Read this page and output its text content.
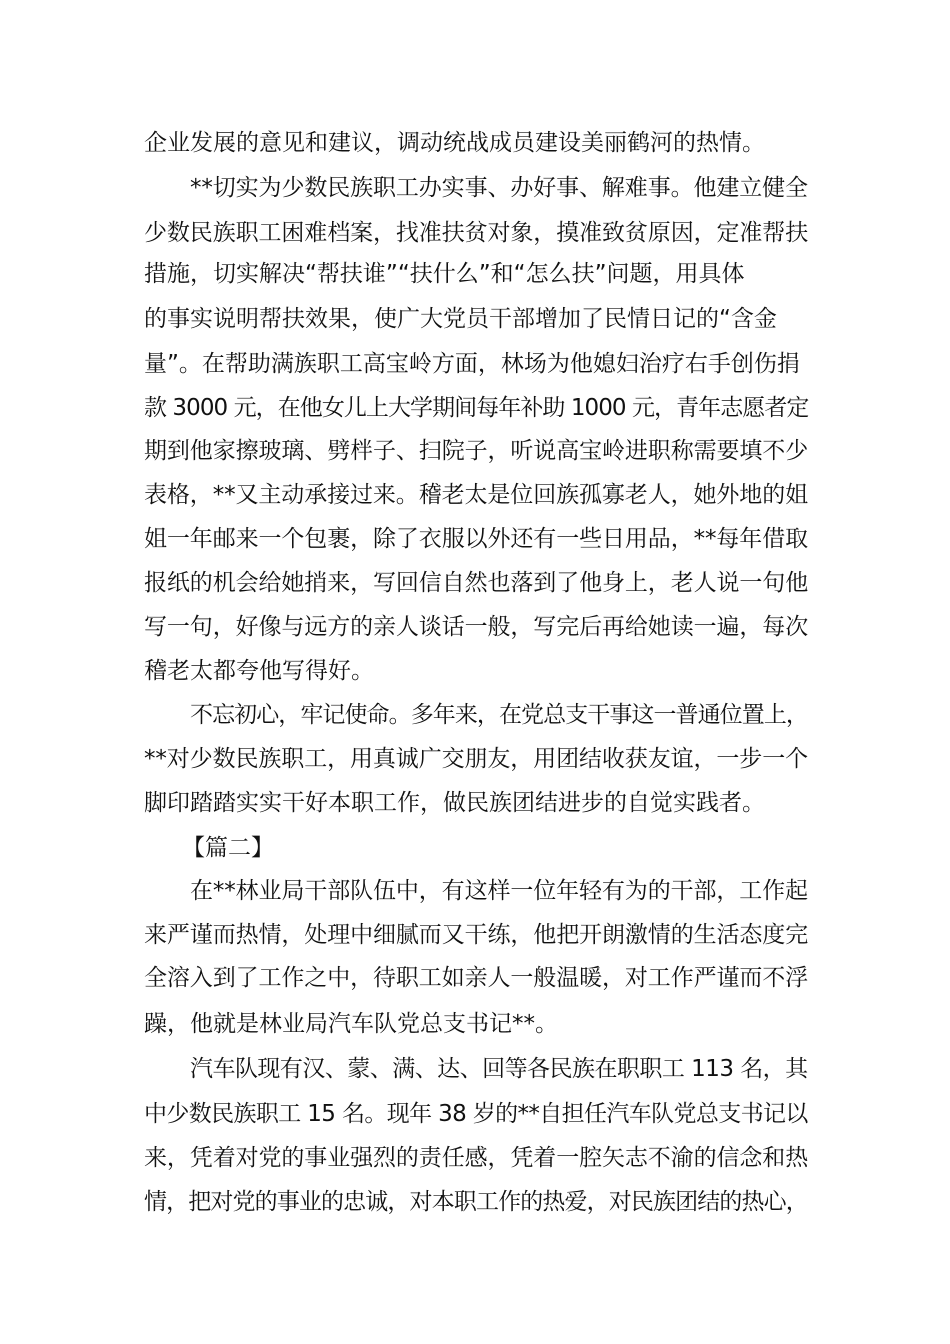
企业发展的意见和建议，调动统战成员建设美丽鹤河的热情。
**切实为少数民族职工办实事、办好事、解难事。他建立健全
少数民族职工困难档案，找准扶贫对象，摸准致贫原因，定准帮扶
措施，切实解决“帮扶谁”“扶什么”和“怎么扶”问题，用具体
的事实说明帮扶效果，使广大党员干部增加了民情日记的“含金
量”。在帮助满族职工高宝岭方面，林场为他媳妇治疗右手创伤捐
款 3000 元，在他女儿上大学期间每年补助 1000 元，青年志愿者定
期到他家擦玻璃、劈柈子、扫院子，听说高宝岭进职称需要填不少
表格，**又主动承接过来。稽老太是位回族孤寡老人，她外地的姐
姐一年邮来一个包裹，除了衣服以外还有一些日用品，**每年借取
报纸的机会给她捎来，写回信自然也落到了他身上，老人说一句他
写一句，好像与远方的亲人谈话一般，写完后再给她读一遍，每次
稽老太都夸他写得好。
不忘初心，牢记使命。多年来，在党总支干事这一普通位置上，
**对少数民族职工，用真诚广交朋友，用团结收获友谊，一步一个
脚印踏踏实实干好本职工作，做民族团结进步的自觉实践者。
【篇二】
在**林业局干部队伍中，有这样一位年轻有为的干部，工作起
来严谨而热情，处理中细腻而又干练，他把开朗激情的生活态度完
全溶入到了工作之中，待职工如亲人一般温暖，对工作严谨而不浮
躁，他就是林业局汽车队党总支书记**。
汽车队现有汉、蒙、满、达、回等各民族在职职工 113 名，其
中少数民族职工 15 名。现年 38 岁的**自担任汽车队党总支书记以
来，凭着对党的事业强烈的责任感，凭着一腔矢志不渝的信念和热
情，把对党的事业的忠诚，对本职工作的热爱，对民族团结的热心，
